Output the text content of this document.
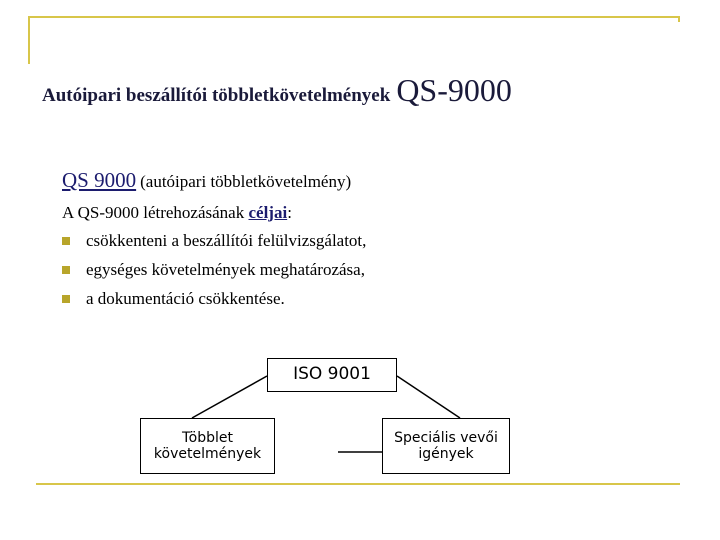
Autóipari beszállítói többletkövetelmények QS-9000
QS 9000 (autóipari többletkövetelmény)
A QS-9000 létrehozásának céljai:
csökkenteni a beszállítói felülvizsgálatot,
egységes követelmények meghatározása,
a dokumentáció csökkentése.
ISO 9001
Többlet
követelmények
Speciális vevői
igények
